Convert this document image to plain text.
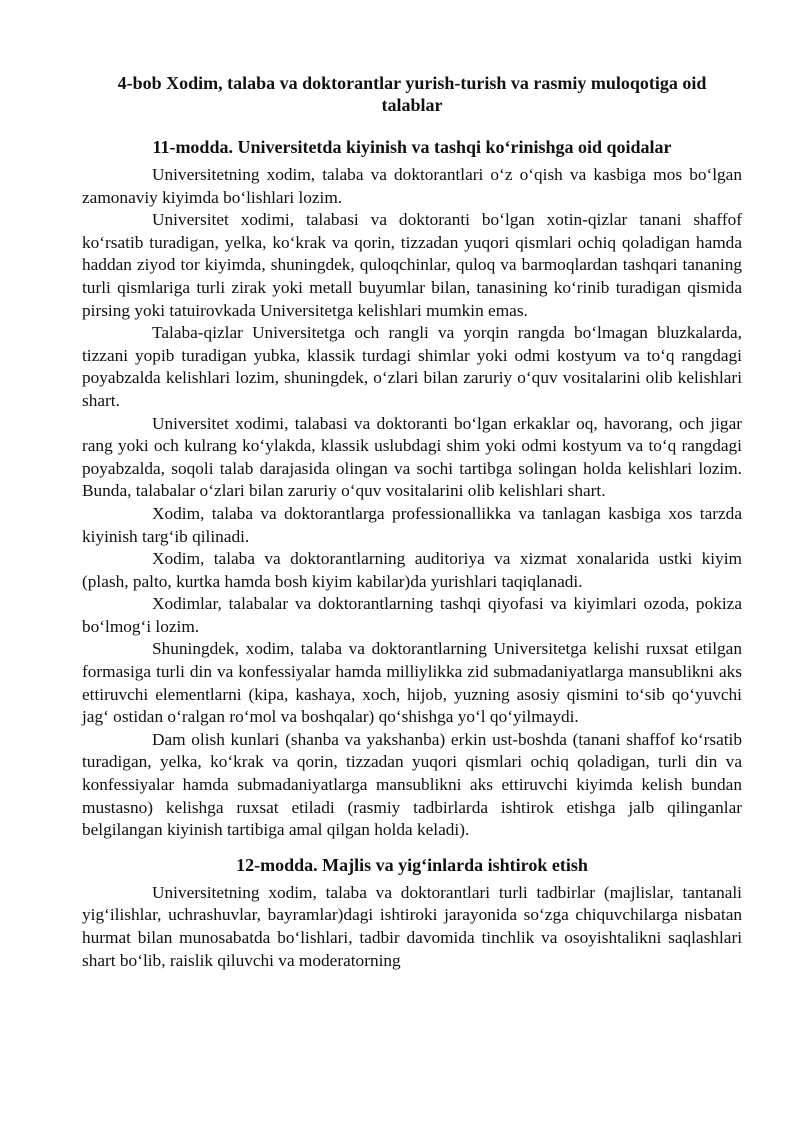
4-bob Xodim, talaba va doktorantlar yurish-turish va rasmiy muloqotiga oid talablar
11-modda. Universitetda kiyinish va tashqi koʻrinishga oid qoidalar

Universitetning xodim, talaba va doktorantlari oʻz oʻqish va kasbiga mos boʻlgan zamonaviy kiyimda boʻlishlari lozim.

Universitet xodimi, talabasi va doktoranti boʻlgan xotin-qizlar tanani shaffof koʻrsatib turadigan, yelka, koʻkrak va qorin, tizzadan yuqori qismlari ochiq qoladigan hamda haddan ziyod tor kiyimda, shuningdek, quloqchinlar, quloq va barmoqlardan tashqari tananing turli qismlariga turli zirak yoki metall buyumlar bilan, tanasining koʻrinib turadigan qismida pirsing yoki tatuirovkada Universitetga kelishlari mumkin emas.

Talaba-qizlar Universitetga och rangli va yorqin rangda boʻlmagan bluzkalarda, tizzani yopib turadigan yubka, klassik turdagi shimlar yoki odmi kostyum va toʻq rangdagi poyabzalda kelishlari lozim, shuningdek, oʻzlari bilan zaruriy oʻquv vositalarini olib kelishlari shart.

Universitet xodimi, talabasi va doktoranti boʻlgan erkaklar oq, havorang, och jigar rang yoki och kulrang koʻylakda, klassik uslubdagi shim yoki odmi kostyum va toʻq rangdagi poyabzalda, soqoli talab darajasida olingan va sochi tartibga solingan holda kelishlari lozim. Bunda, talabalar oʻzlari bilan zaruriy oʻquv vositalarini olib kelishlari shart.

Xodim, talaba va doktorantlarga professionallikka va tanlagan kasbiga xos tarzda kiyinish targʻib qilinadi.

Xodim, talaba va doktorantlarning auditoriya va xizmat xonalarida ustki kiyim (plash, palto, kurtka hamda bosh kiyim kabilar)da yurishlari taqiqlanadi.

Xodimlar, talabalar va doktorantlarning tashqi qiyofasi va kiyimlari ozoda, pokiza boʻlmogʻi lozim.

Shuningdek, xodim, talaba va doktorantlarning Universitetga kelishi ruxsat etilgan formasiga turli din va konfessiyalar hamda milliylikka zid submadaniyatlarga mansublikni aks ettiruvchi elementlarni (kipa, kashaya, xoch, hijob, yuzning asosiy qismini toʻsib qoʻyuvchi jagʻ ostidan oʻralgan roʻmol va boshqalar) qoʻshishga yoʻl qoʻyilmaydi.

Dam olish kunlari (shanba va yakshanba) erkin ust-boshda (tanani shaffof koʻrsatib turadigan, yelka, koʻkrak va qorin, tizzadan yuqori qismlari ochiq qoladigan, turli din va konfessiyalar hamda submadaniyatlarga mansublikni aks ettiruvchi kiyimda kelish bundan mustasno) kelishga ruxsat etiladi (rasmiy tadbirlarda ishtirok etishga jalb qilinganlar belgilangan kiyinish tartibiga amal qilgan holda keladi).

12-modda. Majlis va yigʻinlarda ishtirok etish

Universitetning xodim, talaba va doktorantlari turli tadbirlar (majlislar, tantanali yigʻilishlar, uchrashuvlar, bayramlar)dagi ishtiroki jarayonida soʻzga chiquvchilarga nisbatan hurmat bilan munosabatda boʻlishlari, tadbir davomida tinchlik va osoyishtalikni saqlashlari shart boʻlib, raislik qiluvchi va moderatorning
